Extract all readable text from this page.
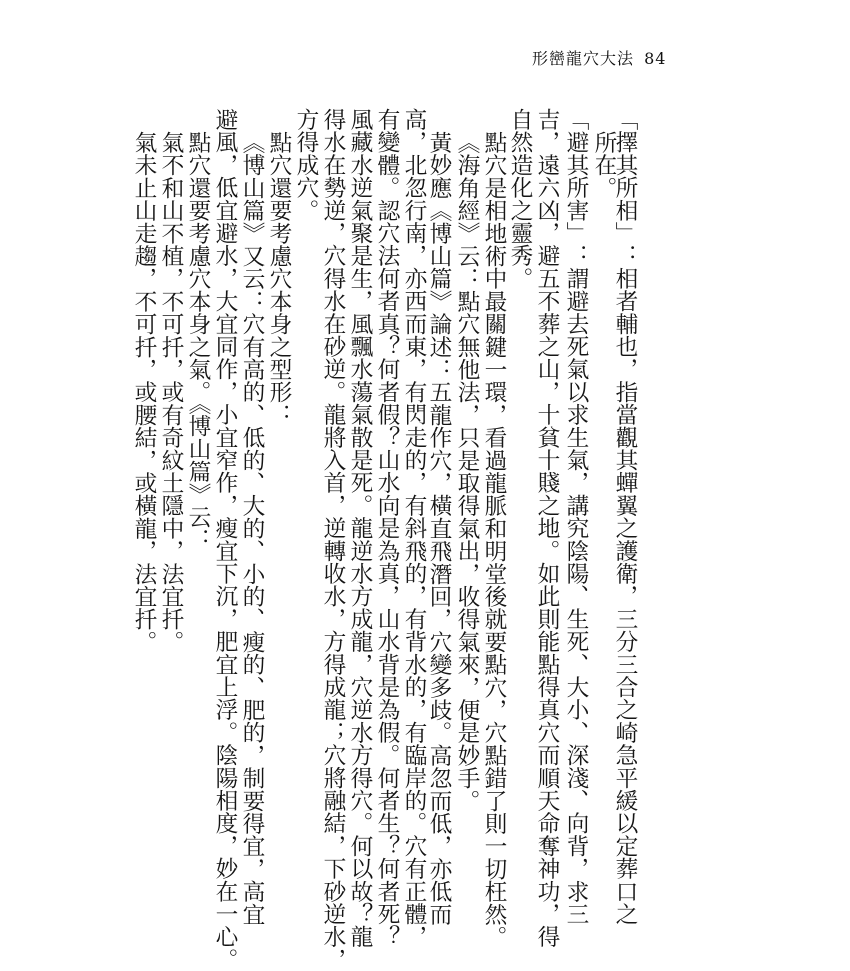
形巒龍穴大法 84
「擇其所相」：相者輔也，指當觀其蟬翼之護衛，三分三合之崎急平緩以定葬口之
所在。
「避其所害」：謂避去死氣以求生氣，講究陰陽、生死、大小、深淺、向背，求三
吉，遠六凶，避五不葬之山，十貧十賤之地。如此則能點得真穴而順天命奪神功，得
自然造化之靈秀。
點穴是相地術中最關鍵一環，看過龍脈和明堂後就要點穴，穴點錯了則一切枉然。
《海角經》云：點穴無他法，只是取得氣出，收得氣來，便是妙手。
黃妙應《博山篇》論述：五龍作穴，橫直飛潛回，穴變多歧。高忽而低，亦低而
高，北忽行南，亦西而東，有閃走的，有斜飛的，有背水的，有臨岸的。穴有正體，
有變體。認穴法何者真？何者假？山水向是為真，山水背是為假。何者生？何者死？
風藏水逆氣聚是生，風飄水蕩氣散是死。龍逆水方成龍，穴逆水方得穴。何以故？龍
得水在勢逆，穴得水在砂逆。龍將入首，逆轉收水，方得成龍；穴將融結，下砂逆水，
方得成穴。
點穴還要考慮穴本身之型形：
《博山篇》又云：穴有高的、低的、大的、小的、瘦的、肥的，制要得宜，高宜
避風，低宜避水，大宜同作，小宜窄作，瘦宜下沉，肥宜上浮。陰陽相度，妙在一心。
點穴還要考慮穴本身之氣。《博山篇》云：
氣不和山不植，不可扦，或有奇紋土隱中，法宜扦。
氣未止山走趨，不可扦，或腰結，或橫龍，法宜扦。
